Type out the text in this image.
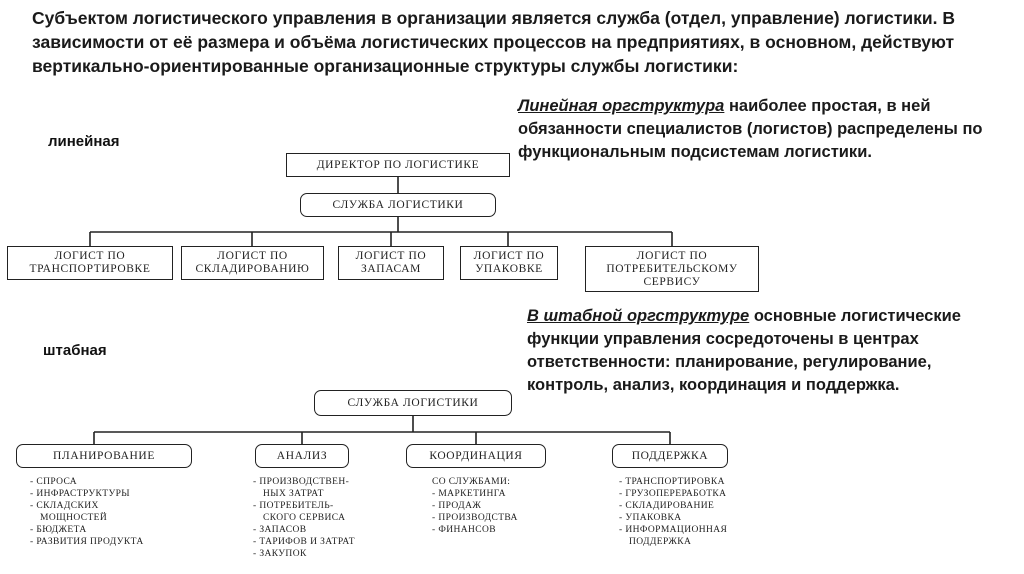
Субъектом логистического управления в организации является служба (отдел, управление) логистики. В зависимости от её размера и объёма логистических процессов на предприятиях, в основном, действуют вертикально-ориентированные организационные структуры службы логистики:
линейная
Линейная оргструктура наиболее простая, в ней обязанности специалистов (логистов) распределены по функциональным подсистемам логистики.
ДИРЕКТОР ПО ЛОГИСТИКЕ
СЛУЖБА ЛОГИСТИКИ
ЛОГИСТ ПО ТРАНСПОРТИРОВКЕ
ЛОГИСТ ПО СКЛАДИРОВАНИЮ
ЛОГИСТ ПО ЗАПАСАМ
ЛОГИСТ ПО УПАКОВКЕ
ЛОГИСТ ПО ПОТРЕБИТЕЛЬСКОМУ СЕРВИСУ
штабная
В штабной оргструктуре основные логистические функции управления сосредоточены в центрах ответственности: планирование, регулирование, контроль, анализ, координация и поддержка.
СЛУЖБА ЛОГИСТИКИ
ПЛАНИРОВАНИЕ	АНАЛИЗ	КООРДИНАЦИЯ	ПОДДЕРЖКА
- СПРОСА
- ИНФРАСТРУКТУРЫ
- СКЛАДСКИХ
МОЩНОСТЕЙ
- БЮДЖЕТА
- РАЗВИТИЯ ПРОДУКТА
- ПРОИЗВОДСТВЕН-
НЫХ ЗАТРАТ
- ПОТРЕБИТЕЛЬ-
СКОГО СЕРВИСА
- ЗАПАСОВ
- ТАРИФОВ И ЗАТРАТ
- ЗАКУПОК
СО СЛУЖБАМИ:
- МАРКЕТИНГА
- ПРОДАЖ
- ПРОИЗВОДСТВА
- ФИНАНСОВ
- ТРАНСПОРТИРОВКА
- ГРУЗОПЕРЕРАБОТКА
- СКЛАДИРОВАНИЕ
- УПАКОВКА
- ИНФОРМАЦИОННАЯ
ПОДДЕРЖКА
